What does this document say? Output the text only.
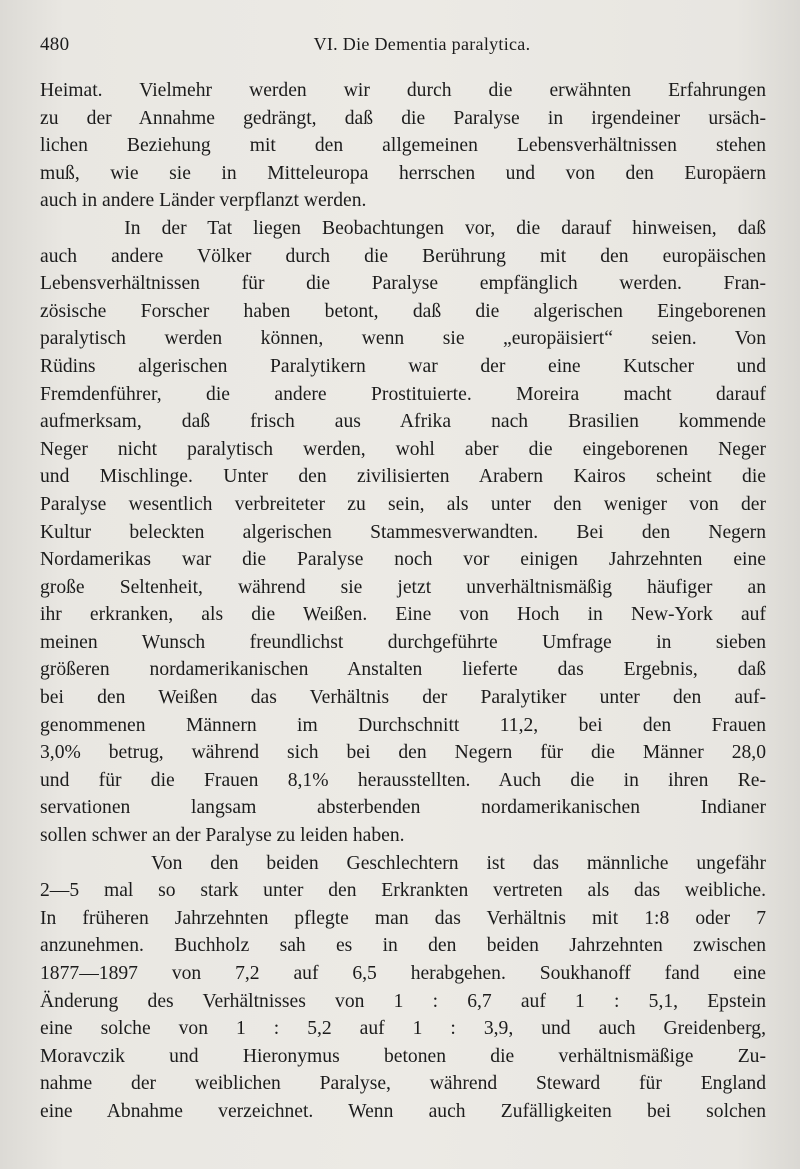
480	VI. Die Dementia paralytica.
Heimat. Vielmehr werden wir durch die erwähnten Erfahrungen
zu der Annahme gedrängt, daß die Paralyse in irgendeiner ursäch-
lichen Beziehung mit den allgemeinen Lebensverhältnissen stehen
muß, wie sie in Mitteleuropa herrschen und von den Europäern
auch in andere Länder verpflanzt werden.
In der Tat liegen Beobachtungen vor, die darauf hinweisen, daß
auch andere Völker durch die Berührung mit den europäischen
Lebensverhältnissen für die Paralyse empfänglich werden. Fran-
zösische Forscher haben betont, daß die algerischen Eingeborenen
paralytisch werden können, wenn sie „europäisiert“ seien. Von
Rüdins algerischen Paralytikern war der eine Kutscher und
Fremdenführer, die andere Prostituierte. Moreira macht darauf
aufmerksam, daß frisch aus Afrika nach Brasilien kommende
Neger nicht paralytisch werden, wohl aber die eingeborenen Neger
und Mischlinge. Unter den zivilisierten Arabern Kairos scheint die
Paralyse wesentlich verbreiteter zu sein, als unter den weniger von der
Kultur beleckten algerischen Stammesverwandten. Bei den Negern
Nordamerikas war die Paralyse noch vor einigen Jahrzehnten eine
große Seltenheit, während sie jetzt unverhältnismäßig häufiger an
ihr erkranken, als die Weißen. Eine von Hoch in New-York auf
meinen Wunsch freundlichst durchgeführte Umfrage in sieben
größeren nordamerikanischen Anstalten lieferte das Ergebnis, daß
bei den Weißen das Verhältnis der Paralytiker unter den auf-
genommenen Männern im Durchschnitt 11,2, bei den Frauen
3,0% betrug, während sich bei den Negern für die Männer 28,0
und für die Frauen 8,1% herausstellten. Auch die in ihren Re-
servationen langsam absterbenden nordamerikanischen Indianer
sollen schwer an der Paralyse zu leiden haben.
Von den beiden Geschlechtern ist das männliche ungefähr
2—5 mal so stark unter den Erkrankten vertreten als das weibliche.
In früheren Jahrzehnten pflegte man das Verhältnis mit 1:8 oder 7
anzunehmen. Buchholz sah es in den beiden Jahrzehnten zwischen
1877—1897 von 7,2 auf 6,5 herabgehen. Soukhanoff fand eine
Änderung des Verhältnisses von 1 : 6,7 auf 1 : 5,1, Epstein
eine solche von 1 : 5,2 auf 1 : 3,9, und auch Greidenberg,
Moravczik und Hieronymus betonen die verhältnismäßige Zu-
nahme der weiblichen Paralyse, während Steward für England
eine Abnahme verzeichnet. Wenn auch Zufälligkeiten bei solchen
